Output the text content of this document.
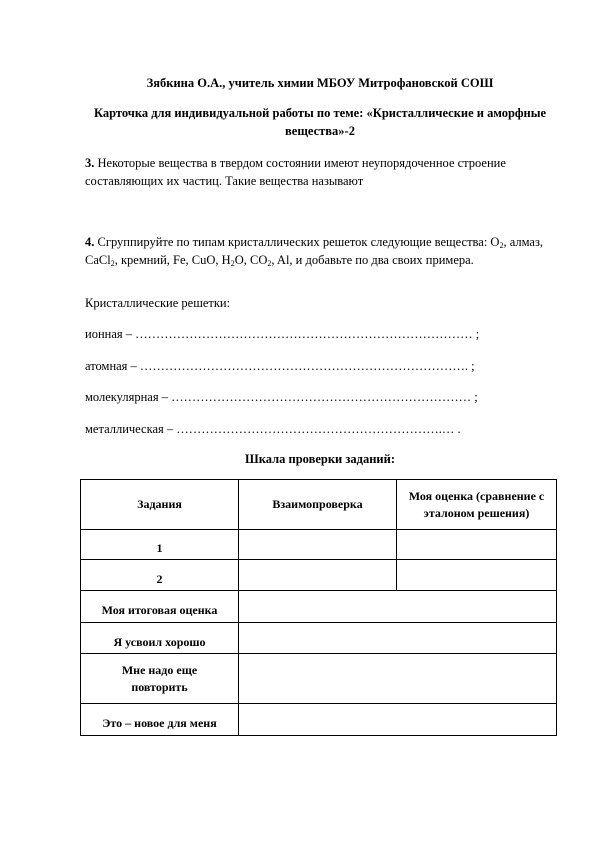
Зябкина О.А., учитель химии МБОУ Митрофановской СОШ
Карточка для индивидуальной работы по теме: «Кристаллические и аморфные вещества»-2
3. Некоторые вещества в твердом состоянии имеют неупорядоченное строение составляющих их частиц. Такие вещества называют
4. Сгруппируйте по типам кристаллических решеток следующие вещества: $O_2$, алмаз, CaCl$_2$, кремний, Fe, CuO, $H_2O$, $CO_2$, Al, и добавьте по два своих примера.
Кристаллические решетки:
ионная – ……………………………………………………………………… ;
атомная – ……………………………………………………………………. ;
молекулярная – ……………………………………………………………… ;
металлическая – ……………………………………………………….… .
Шкала проверки заданий:
Задания	Взаимопроверка	Моя оценка (сравнение с эталоном решения)
1		
2		
Моя итоговая оценка		
Я усвоил хорошо		
Мне надо еще повторить		
Это – новое для меня		
